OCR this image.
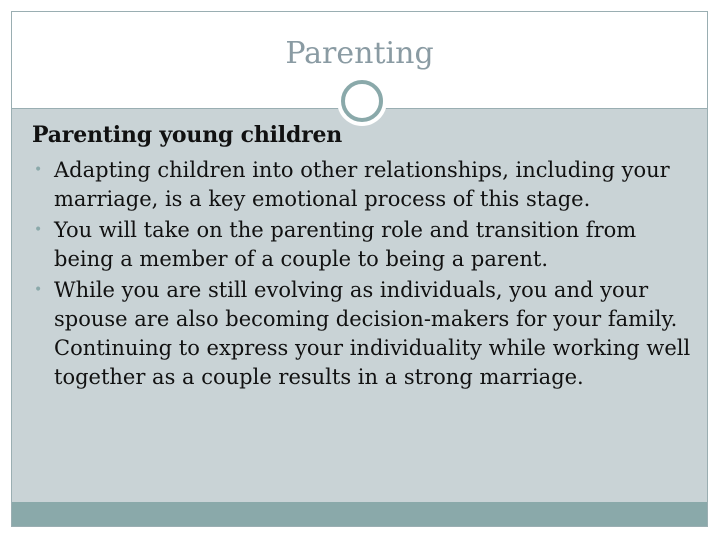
Parenting
Parenting young children
• Adapting children into other relationships, including your marriage, is a key emotional process of this stage.
• You will take on the parenting role and transition from being a member of a couple to being a parent.
• While you are still evolving as individuals, you and your spouse are also becoming decision-makers for your family. Continuing to express your individuality while working well together as a couple results in a strong marriage.
